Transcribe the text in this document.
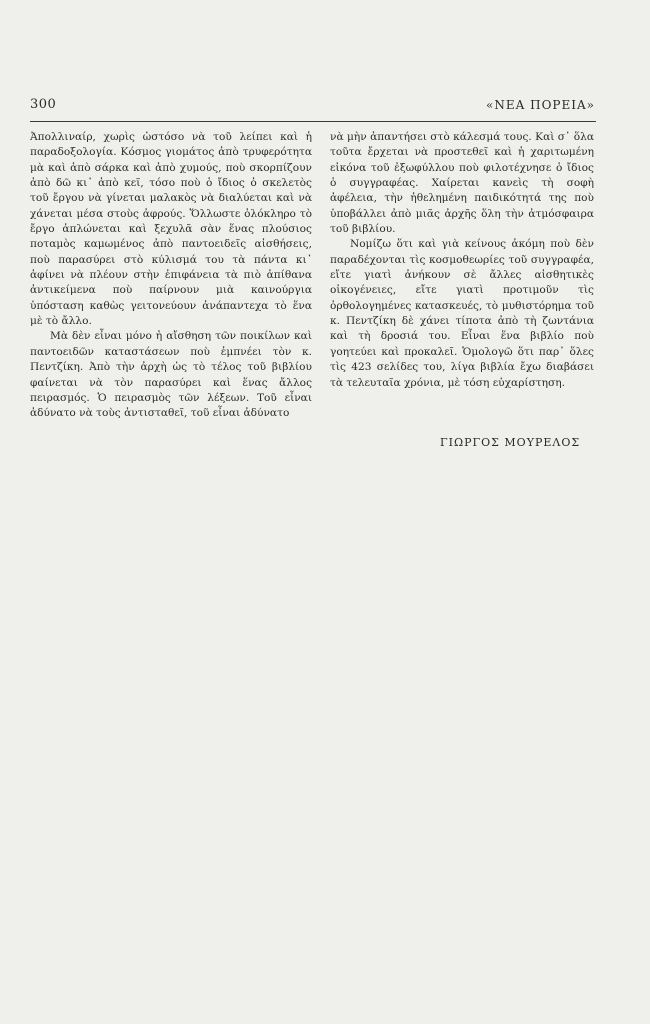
300	«ΝΕΑ ΠΟΡΕΙΑ»

Ἀπολλιναίρ, χωρὶς ὡστόσο νὰ τοῦ λείπει καὶ ἡ παραδοξολογία. Κόσμος γιομάτος ἀπὸ τρυφερότητα μὰ καὶ ἀπὸ σάρκα καὶ ἀπὸ χυμούς, ποὺ σκορπίζουν ἀπὸ δῶ κι᾽ ἀπὸ κεῖ, τόσο ποὺ ὁ ἴδιος ὁ σκελετὸς τοῦ ἔργου νὰ γίνεται μαλακὸς νὰ διαλύεται καὶ νὰ χάνεται μέσα στοὺς ἀφρούς. Ὅλλωστε ὁλόκληρο τὸ ἔργο ἁπλώνεται καὶ ξεχυλᾶ σὰν ἕνας πλούσιος ποταμὸς καμωμένος ἀπὸ παντοειδεῖς αἰσθήσεις, ποὺ παρασύρει στὸ κύλισμά του τὰ πάντα κι᾽ ἀφίνει νὰ πλέουν στὴν ἐπιφάνεια τὰ πιὸ ἀπίθανα ἀντικείμενα ποὺ παίρνουν μιὰ καινούργια ὑπόσταση καθὼς γειτονεύουν ἀνάπαντεχα τὸ ἕνα μὲ τὸ ἄλλο.

Μὰ δὲν εἶναι μόνο ἡ αἴσθηση τῶν ποικίλων καὶ παντοειδῶν καταστάσεων ποὺ ἐμπνέει τὸν κ. Πεντζίκη. Ἀπὸ τὴν ἀρχὴ ὡς τὸ τέλος τοῦ βιβλίου φαίνεται νὰ τὸν παρασύρει καὶ ἕνας ἄλλος πειρασμός. Ὁ πειρασμὸς τῶν λέξεων. Τοῦ εἶναι ἀδύνατο νὰ τοὺς ἀντισταθεῖ, τοῦ εἶναι ἀδύνατο

νὰ μὴν ἀπαντήσει στὸ κάλεσμά τους. Καὶ σ᾽ ὅλα τοῦτα ἔρχεται νὰ προστεθεῖ καὶ ἡ χαριτωμένη εἰκόνα τοῦ ἐξωφύλλου ποὺ φιλοτέχνησε ὁ ἴδιος ὁ συγγραφέας. Χαίρεται κανεὶς τὴ σοφὴ ἀφέλεια, τὴν ἠθελημένη παιδικότητά της ποὺ ὑποβάλλει ἀπὸ μιᾶς ἀρχῆς ὅλη τὴν ἀτμόσφαιρα τοῦ βιβλίου.

Νομίζω ὅτι καὶ γιὰ κείνους ἀκόμη ποὺ δὲν παραδέχονται τὶς κοσμοθεωρίες τοῦ συγγραφέα, εἴτε γιατὶ ἀνήκουν σὲ ἄλλες αἰσθητικὲς οἰκογένειες, εἴτε γιατὶ προτιμοῦν τὶς ὀρθολογημένες κατασκευές, τὸ μυθιστόρημα τοῦ κ. Πεντζίκη δὲ χάνει τίποτα ἀπὸ τὴ ζωντάνια καὶ τὴ δροσιά του. Εἶναι ἕνα βιβλίο ποὺ γοητεύει καὶ προκαλεῖ. Ὁμολογῶ ὅτι παρ᾽ ὅλες τὶς 423 σελίδες του, λίγα βιβλία ἔχω διαβάσει τὰ τελευταῖα χρόνια, μὲ τόση εὐχαρίστηση.

ΓΙΩΡΓΟΣ ΜΟΥΡΕΛΟΣ
